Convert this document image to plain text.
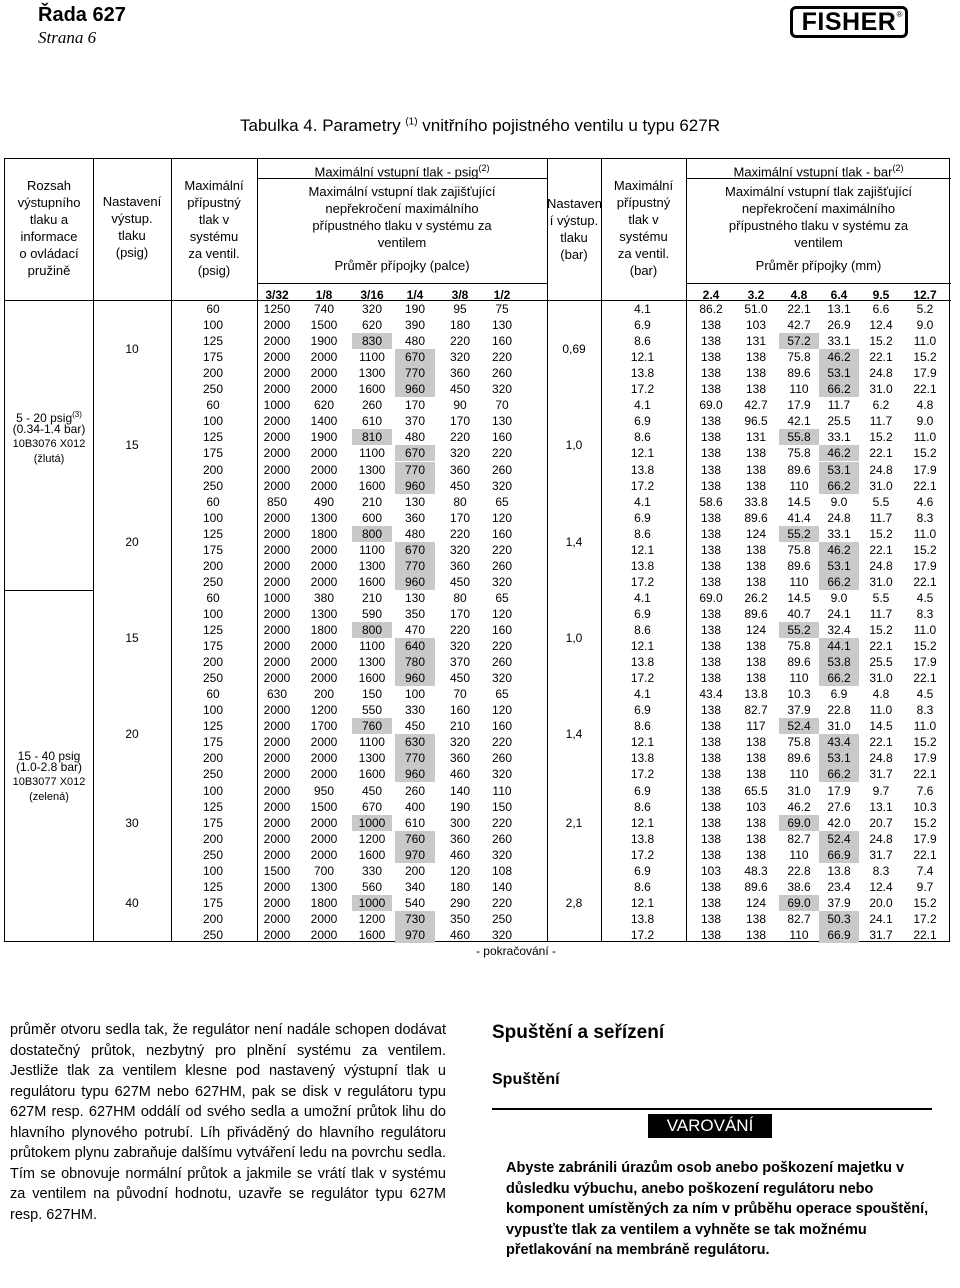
Řada 627
Strana 6
FISHER ®
Tabulka 4. Parametry $^{(1)}$ vnitřního pojistného ventilu u typu 627R
Rozsah
výstupního
tlaku a
informace
o ovládací
pružině
Nastavení
výstup.
tlaku
(psig)
Maximální
přípustný
tlak v
systému
za ventil.
(psig)
Nastaven
í výstup.
tlaku
(bar)
Maximální
přípustný
tlak v
systému
za ventil.
(bar)
Maximální vstupní tlak - psig$^{(2)}$	Maximální vstupní tlak - bar$^{(2)}$
Maximální vstupní tlak zajišťující
nepřekročení maximálního
přípustného tlaku v systému za
ventilem
Maximální vstupní tlak zajišťující
nepřekročení maximálního
přípustného tlaku v systému za
ventilem
Průměr přípojky (palce)	Průměr přípojky (mm)
3/32	1/8	3/16	1/4	3/8	1/2	2.4	3.2	4.8	6.4	9.5	12.7
60	1250	740	320	190	95	75	4.1	86.2	51.0	22.1	13.1	6.6	5.2
100	2000	1500	620	390	180	130	6.9	138	103	42.7	26.9	12.4	9.0
125	2000	1900	830	480	220	160	8.6	138	131	57.2	33.1	15.2	11.0
175	2000	2000	1100	670	320	220	12.1	138	138	75.8	46.2	22.1	15.2
200	2000	2000	1300	770	360	260	13.8	138	138	89.6	53.1	24.8	17.9
250	2000	2000	1600	960	450	320	17.2	138	138	110	66.2	31.0	22.1
10	0,69
60	1000	620	260	170	90	70	4.1	69.0	42.7	17.9	11.7	6.2	4.8
100	2000	1400	610	370	170	130	6.9	138	96.5	42.1	25.5	11.7	9.0
125	2000	1900	810	480	220	160	8.6	138	131	55.8	33.1	15.2	11.0
175	2000	2000	1100	670	320	220	12.1	138	138	75.8	46.2	22.1	15.2
200	2000	2000	1300	770	360	260	13.8	138	138	89.6	53.1	24.8	17.9
250	2000	2000	1600	960	450	320	17.2	138	138	110	66.2	31.0	22.1
15	1,0
60	850	490	210	130	80	65	4.1	58.6	33.8	14.5	9.0	5.5	4.6
100	2000	1300	600	360	170	120	6.9	138	89.6	41.4	24.8	11.7	8.3
125	2000	1800	800	480	220	160	8.6	138	124	55.2	33.1	15.2	11.0
175	2000	2000	1100	670	320	220	12.1	138	138	75.8	46.2	22.1	15.2
200	2000	2000	1300	770	360	260	13.8	138	138	89.6	53.1	24.8	17.9
250	2000	2000	1600	960	450	320	17.2	138	138	110	66.2	31.0	22.1
20	1,4
60	1000	380	210	130	80	65	4.1	69.0	26.2	14.5	9.0	5.5	4.5
100	2000	1300	590	350	170	120	6.9	138	89.6	40.7	24.1	11.7	8.3
125	2000	1800	800	470	220	160	8.6	138	124	55.2	32.4	15.2	11.0
175	2000	2000	1100	640	320	220	12.1	138	138	75.8	44.1	22.1	15.2
200	2000	2000	1300	780	370	260	13.8	138	138	89.6	53.8	25.5	17.9
250	2000	2000	1600	960	450	320	17.2	138	138	110	66.2	31.0	22.1
15	1,0
60	630	200	150	100	70	65	4.1	43.4	13.8	10.3	6.9	4.8	4.5
100	2000	1200	550	330	160	120	6.9	138	82.7	37.9	22.8	11.0	8.3
125	2000	1700	760	450	210	160	8.6	138	117	52.4	31.0	14.5	11.0
175	2000	2000	1100	630	320	220	12.1	138	138	75.8	43.4	22.1	15.2
200	2000	2000	1300	770	360	260	13.8	138	138	89.6	53.1	24.8	17.9
250	2000	2000	1600	960	460	320	17.2	138	138	110	66.2	31.7	22.1
20	1,4
100	2000	950	450	260	140	110	6.9	138	65.5	31.0	17.9	9.7	7.6
125	2000	1500	670	400	190	150	8.6	138	103	46.2	27.6	13.1	10.3
175	2000	2000	1000	610	300	220	12.1	138	138	69.0	42.0	20.7	15.2
200	2000	2000	1200	760	360	260	13.8	138	138	82.7	52.4	24.8	17.9
250	2000	2000	1600	970	460	320	17.2	138	138	110	66.9	31.7	22.1
30	2,1
100	1500	700	330	200	120	108	6.9	103	48.3	22.8	13.8	8.3	7.4
125	2000	1300	560	340	180	140	8.6	138	89.6	38.6	23.4	12.4	9.7
175	2000	1800	1000	540	290	220	12.1	138	124	69.0	37.9	20.0	15.2
200	2000	2000	1200	730	350	250	13.8	138	138	82.7	50.3	24.1	17.2
250	2000	2000	1600	970	460	320	17.2	138	138	110	66.9	31.7	22.1
40	2,8
5 - 20 psig$^{(3)}$
(0.34-1.4 bar)
10B3076 X012
(žlutá)
15 - 40 psig
(1.0-2.8 bar)
10B3077 X012
(zelená)
- pokračování -
průměr otvoru sedla tak, že regulátor není nadále schopen dodávat dostatečný průtok, nezbytný pro plnění systému za ventilem. Jestliže tlak za ventilem klesne pod nastavený výstupní tlak u regulátoru typu 627M nebo 627HM, pak se disk v regulátoru typu 627M resp. 627HM oddálí od svého sedla a umožní průtok lihu do hlavního plynového potrubí. Líh přiváděný do hlavního regulátoru průtokem plynu zabraňuje dalšímu vytváření ledu na povrchu sedla. Tím se obnovuje normální průtok a jakmile se vrátí tlak v systému za ventilem na původní hodnotu, uzavře se regulátor typu 627M resp. 627HM.
Spuštění a seřízení
Spuštění
VAROVÁNÍ
Abyste zabránili úrazům osob anebo poškození majetku v důsledku výbuchu, anebo poškození regulátoru nebo komponent umístěných za ním v průběhu operace spouštění, vypusťte tlak za ventilem a vyhněte se tak možnému přetlakování na membráně regulátoru.
